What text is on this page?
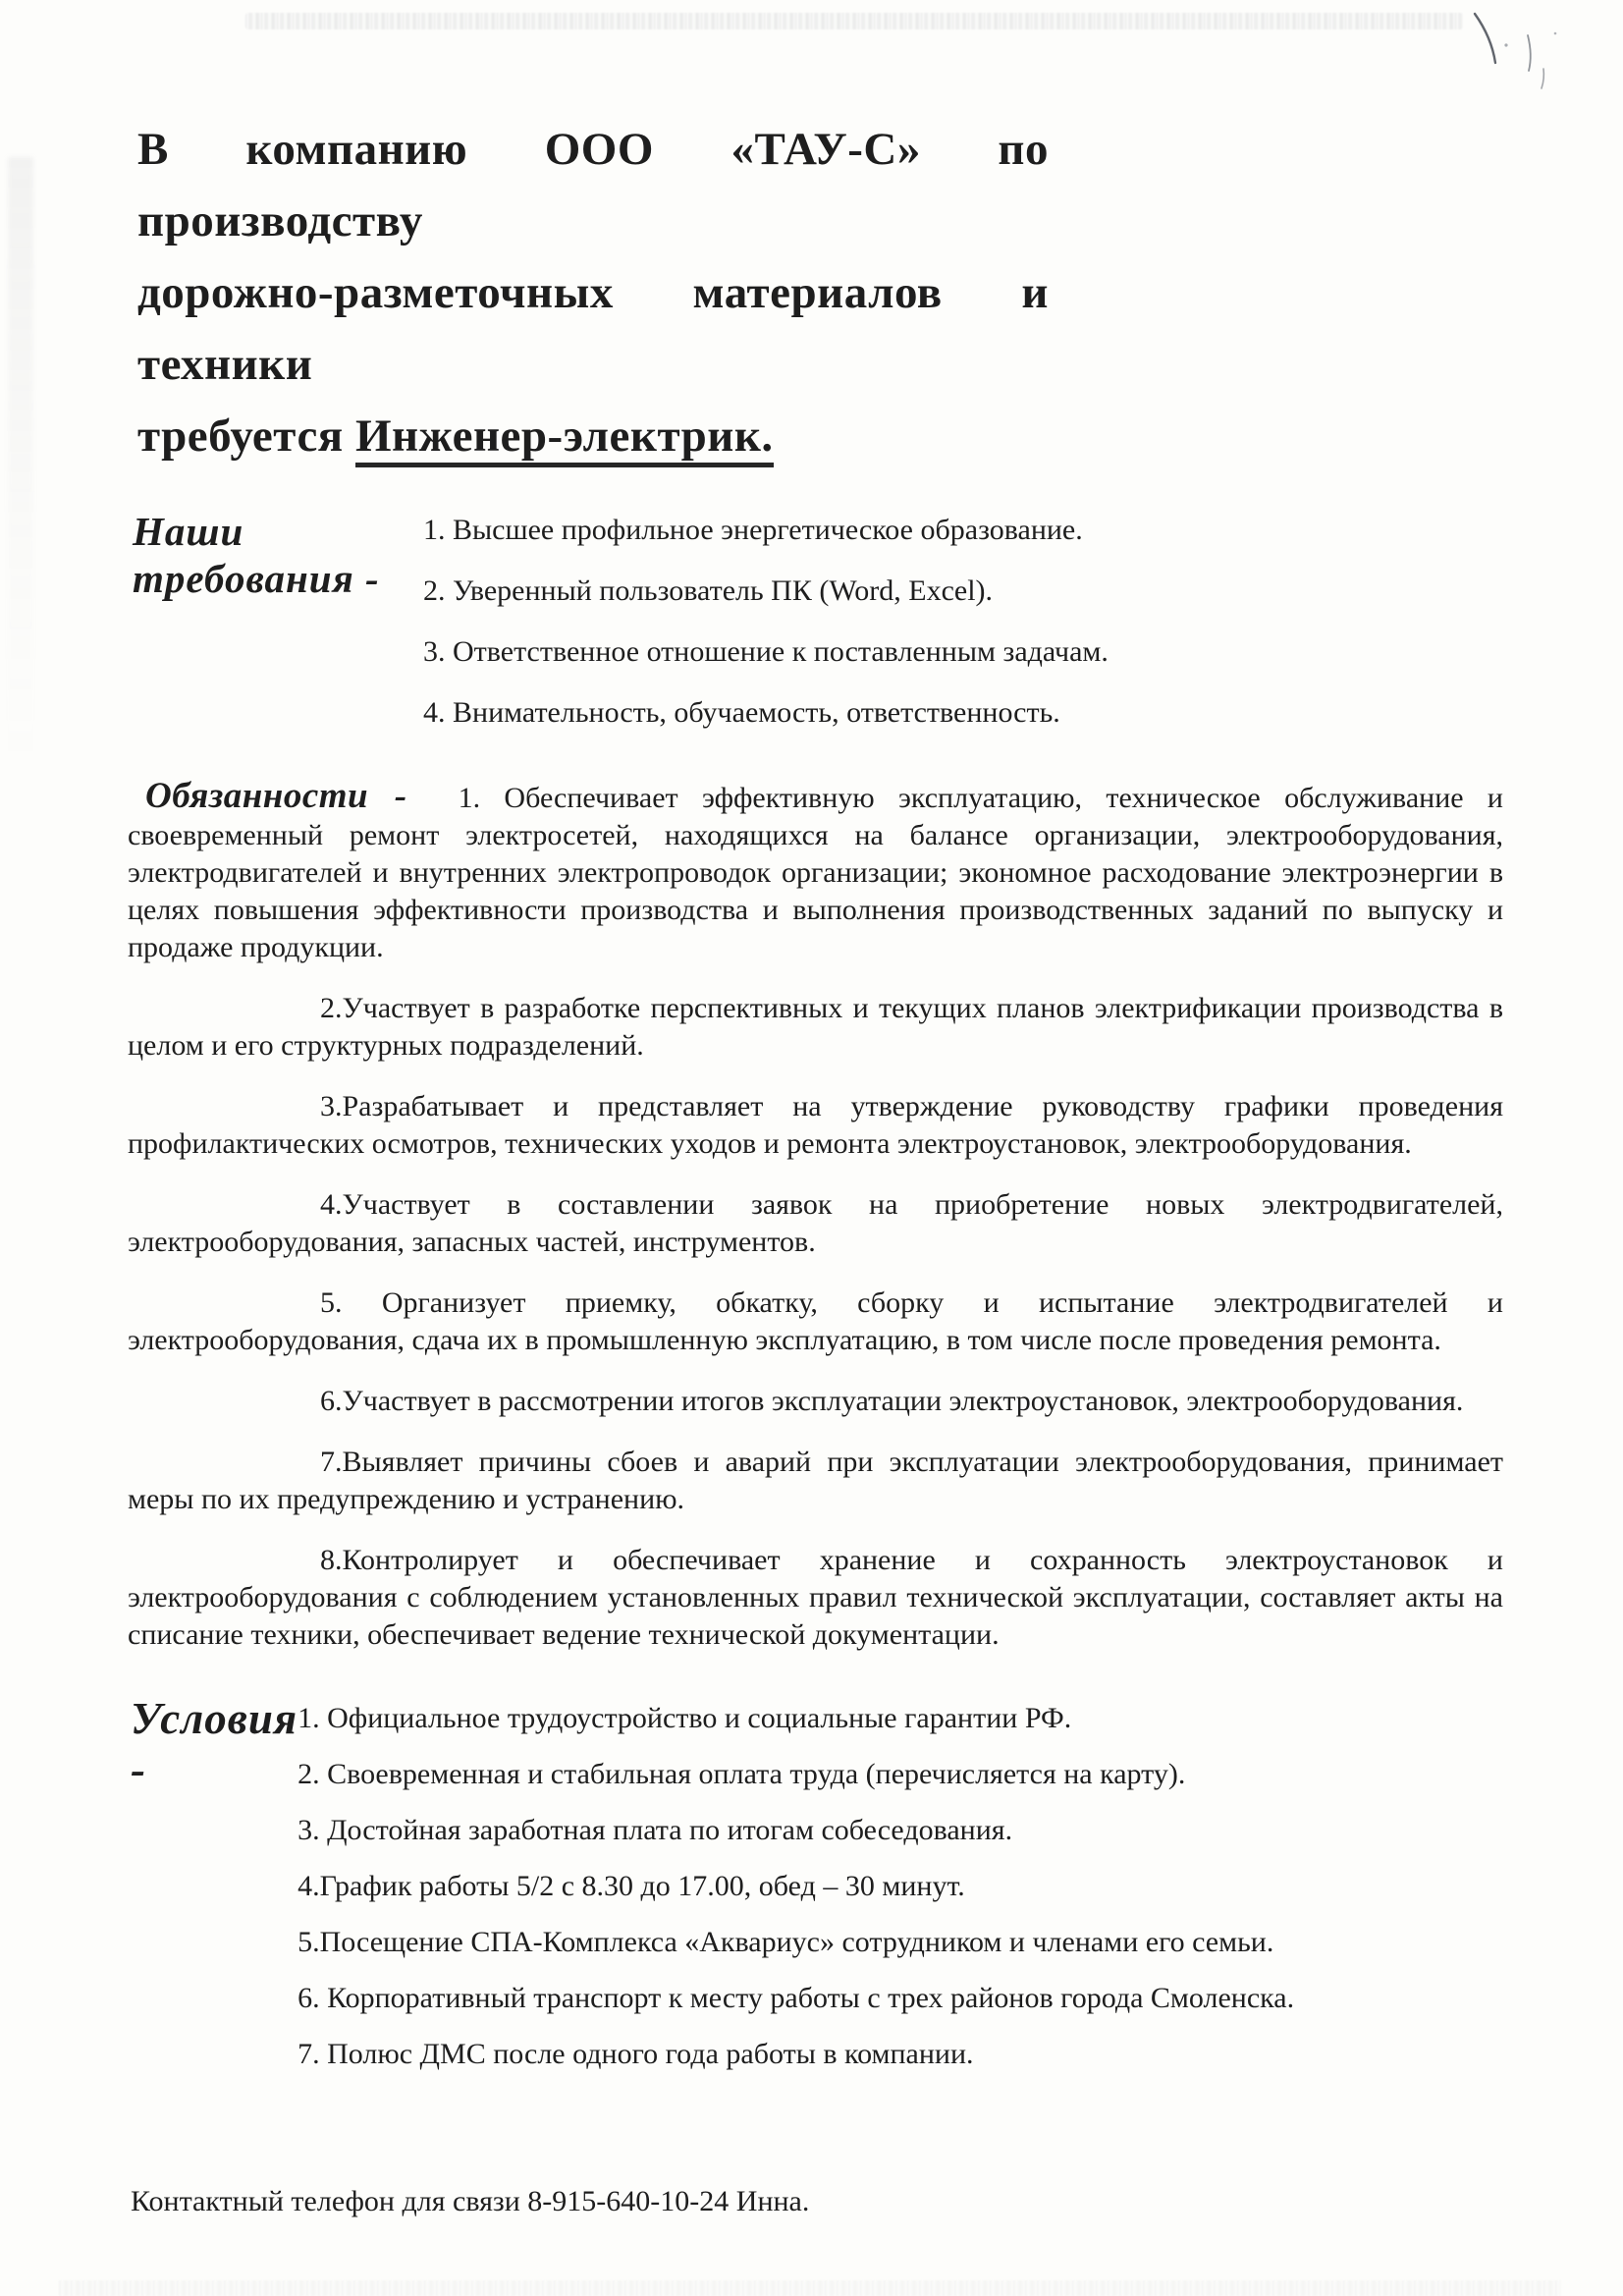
В компанию ООО «ТАУ-С» по производству
дорожно-разметочных материалов и техники
требуется Инженер-электрик.
Наши требования -
1. Высшее профильное энергетическое образование.
2. Уверенный пользователь ПК (Word, Excel).
3. Ответственное отношение к поставленным задачам.
4. Внимательность, обучаемость, ответственность.
Обязанности - 1. Обеспечивает эффективную эксплуатацию, техническое обслуживание и своевременный ремонт электросетей, находящихся на балансе организации, электрооборудования, электродвигателей и внутренних электропроводок организации; экономное расходование электроэнергии в целях повышения эффективности производства и выполнения производственных заданий по выпуску и продаже продукции.
2.Участвует в разработке перспективных и текущих планов электрификации производства в целом и его структурных подразделений.
3.Разрабатывает и представляет на утверждение руководству графики проведения профилактических осмотров, технических уходов и ремонта электроустановок, электрооборудования.
4.Участвует в составлении заявок на приобретение новых электродвигателей, электрооборудования, запасных частей, инструментов.
5. Организует приемку, обкатку, сборку и испытание электродвигателей и электрооборудования, сдача их в промышленную эксплуатацию, в том числе после проведения ремонта.
6.Участвует в рассмотрении итогов эксплуатации электроустановок, электрооборудования.
7.Выявляет причины сбоев и аварий при эксплуатации электрооборудования, принимает меры по их предупреждению и устранению.
8.Контролирует и обеспечивает хранение и сохранность электроустановок и электрооборудования с соблюдением установленных правил технической эксплуатации, составляет акты на списание техники, обеспечивает ведение технической документации.
Условия -
1. Официальное трудоустройство и социальные гарантии РФ.
2. Своевременная и стабильная оплата труда (перечисляется на карту).
3. Достойная заработная плата по итогам собеседования.
4.График работы 5/2 с 8.30 до 17.00, обед – 30 минут.
5.Посещение СПА-Комплекса «Аквариус» сотрудником и членами его семьи.
6. Корпоративный транспорт к месту работы с трех районов города Смоленска.
7. Полюс ДМС после одного года работы в компании.
Контактный телефон для связи 8-915-640-10-24 Инна.
